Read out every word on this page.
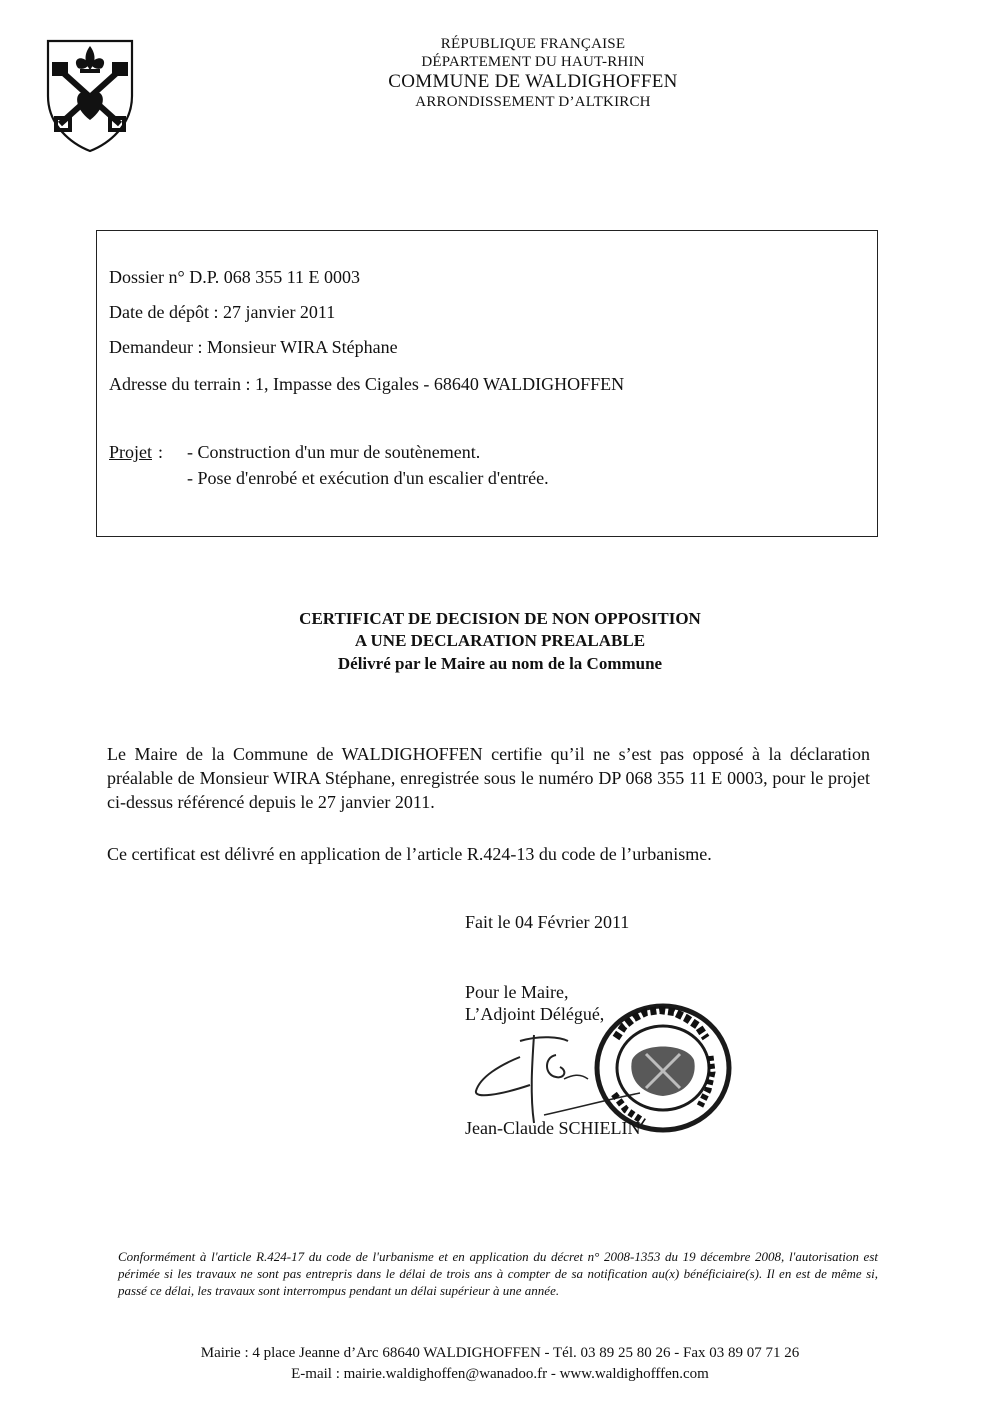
RÉPUBLIQUE FRANÇAISE
DÉPARTEMENT DU HAUT-RHIN
COMMUNE DE WALDIGHOFFEN
ARRONDISSEMENT D’ALTKIRCH
Dossier n° D.P. 068 355 11 E 0003
Date de dépôt : 27 janvier 2011
Demandeur : Monsieur WIRA Stéphane
Adresse du terrain : 1, Impasse des Cigales - 68640 WALDIGHOFFEN
Projet : - Construction d'un mur de soutènement.
- Pose d'enrobé et exécution d'un escalier d'entrée.
CERTIFICAT DE DECISION DE NON OPPOSITION
A UNE DECLARATION PREALABLE
Délivré par le Maire au nom de la Commune
Le Maire de la Commune de WALDIGHOFFEN certifie qu’il ne s’est pas opposé à la déclaration préalable de Monsieur WIRA Stéphane, enregistrée sous le numéro DP 068 355 11 E 0003, pour le projet ci-dessus référencé depuis le 27 janvier 2011.
Ce certificat est délivré en application de l’article R.424-13 du code de l’urbanisme.
Fait le 04 Février 2011
Pour le Maire,
L’Adjoint Délégué,
Jean-Claude SCHIELIN
Conformément à l'article R.424-17 du code de l'urbanisme et en application du décret n° 2008-1353 du 19 décembre 2008, l'autorisation est périmée si les travaux ne sont pas entrepris dans le délai de trois ans à compter de sa notification au(x) bénéficiaire(s). Il en est de même si, passé ce délai, les travaux sont interrompus pendant un délai supérieur à une année.
Mairie : 4 place Jeanne d’Arc 68640 WALDIGHOFFEN - Tél. 03 89 25 80 26 - Fax 03 89 07 71 26
E-mail : mairie.waldighoffen@wanadoo.fr - www.waldighofffen.com
